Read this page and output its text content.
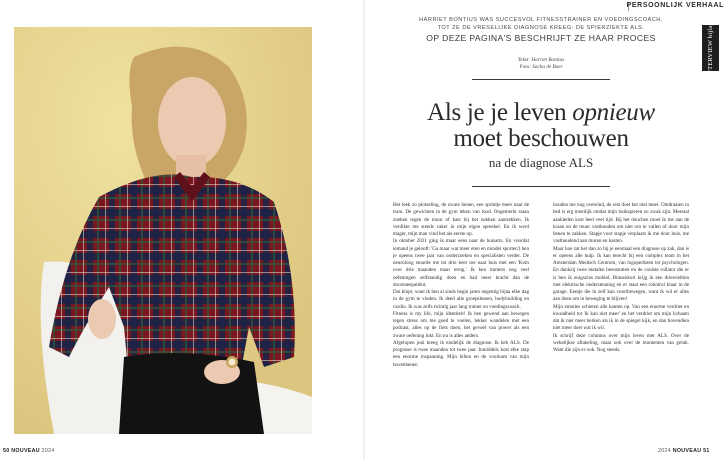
PERSOONLIJK VERHAAL
INTERVIEW bijlage
HARRIET BONTIUS WAS SUCCESVOL FITNESSTRAINER EN VOEDINGSCOACH,
TOT ZE DE VRESELIJKE DIAGNOSE KREEG: DE SPIERZIEKTE ALS.
OP DEZE PAGINA'S BESCHRIJFT ZE HAAR PROCES
Tekst: Harriet Bontius
Foto: Sacha de Boer
Als je je leven opnieuw
moet beschouwen
na de diagnose ALS

Het leek zo plotseling, de zware benen, een sprintje meer naar de tram. De gewichten in de gym leken van lood. Ongemerkt staan zoeken tegen de muur of kast bij het sokken aantrekken. Ik verdikte me steeds vaker in mijn eigen spreekel. En ik werd mager, mijn man vind het als eerste op.

In oktober 2021 ging ik maar eens naar de huisarts. En voordat iemand je gelooft: 'Ga maar wat meer eten en minder sporten') ben je opeens twee jaar van onderzoeken en specialisten verder. De neuroloog stuurde me tot drie keer toe naar huis met een 'Kom over drie maanden maar terug.' Ik ken immers nog veel oefeningen zelfstandig doen en had meer kracht dan de doorsneepatiënt.

Dat klopt, want ik ben al sinds begin jaren negentig bijna elke dag in de gym te vinden. Ik deed alle groepslessen, bodybuilding en cardio. Ik was zelfs twintig jaar lang trainer en voedingscoach.

Fitness is my life, mijn identiteit! Ik ben gewend aan bewegen tegen stress om me goed te voelen, lekker wandelen met een podcast, alles op de fiets doen, het gevoel van power als een zware oefening lukt. En nu is alles anders.

Afgelopen juni kreeg ik eindelijk de diagnose. Ik heb ALS. De prognose is twee maanden tot twee jaar. Inmiddels kost elke stap een enorme inspanning. Mijn billen en de voorkant van mijn bovenbenen

houden me nog overeind, de rest doet het niet meer. Omdraaien in bed is erg moeilijk omdat mijn buikspieren zo zwak zijn. Meestal aankleden kost heel veel tijd. Bij het douchen moet ik me aan de kraan en de muur vasthouden om niet om te vallen of door mijn benen te zakken. Stapje voor stapje verplaats ik me door huis, me vasthoudend aan muren en kasten.

Maar hoe zat het dan zo bij je eenmaal een diagnose op zak, dan is er opeens alle hulp. Ik kan terecht bij een complex team in het Amsterdam Medisch Centrum, van logopedisten tot psychologen. En dankzij twee metalen beenstutten en de coolste rollator die er is ben ik enigszins mobiel. Binnenkort krijg ik een driewieltien met elektrische ondersteuning en er staat een robotrol klaar in de garage. Eentje die ik zelf kan voortbewegen, want ik wil er alles aan doen om in beweging te blijven!

Mijn emoties schieten alle kanten op. Van een enorme verdriet en kwaadheid tot 'ik kan niet meer' en het verdriet om mijn lichaam dat ik niet meer herken als ik in de spiegel kijk, en dan bovendien niet meer doet wat ik wil.

Ik schrijf deze columns over mijn leven met ALS. Over de wekelijkse aftakeling, maar ook over de momenten van geluk. Want die zijn er ook. Nog steeds.

50 NOUVEAU 2024	2024 NOUVEAU 51
